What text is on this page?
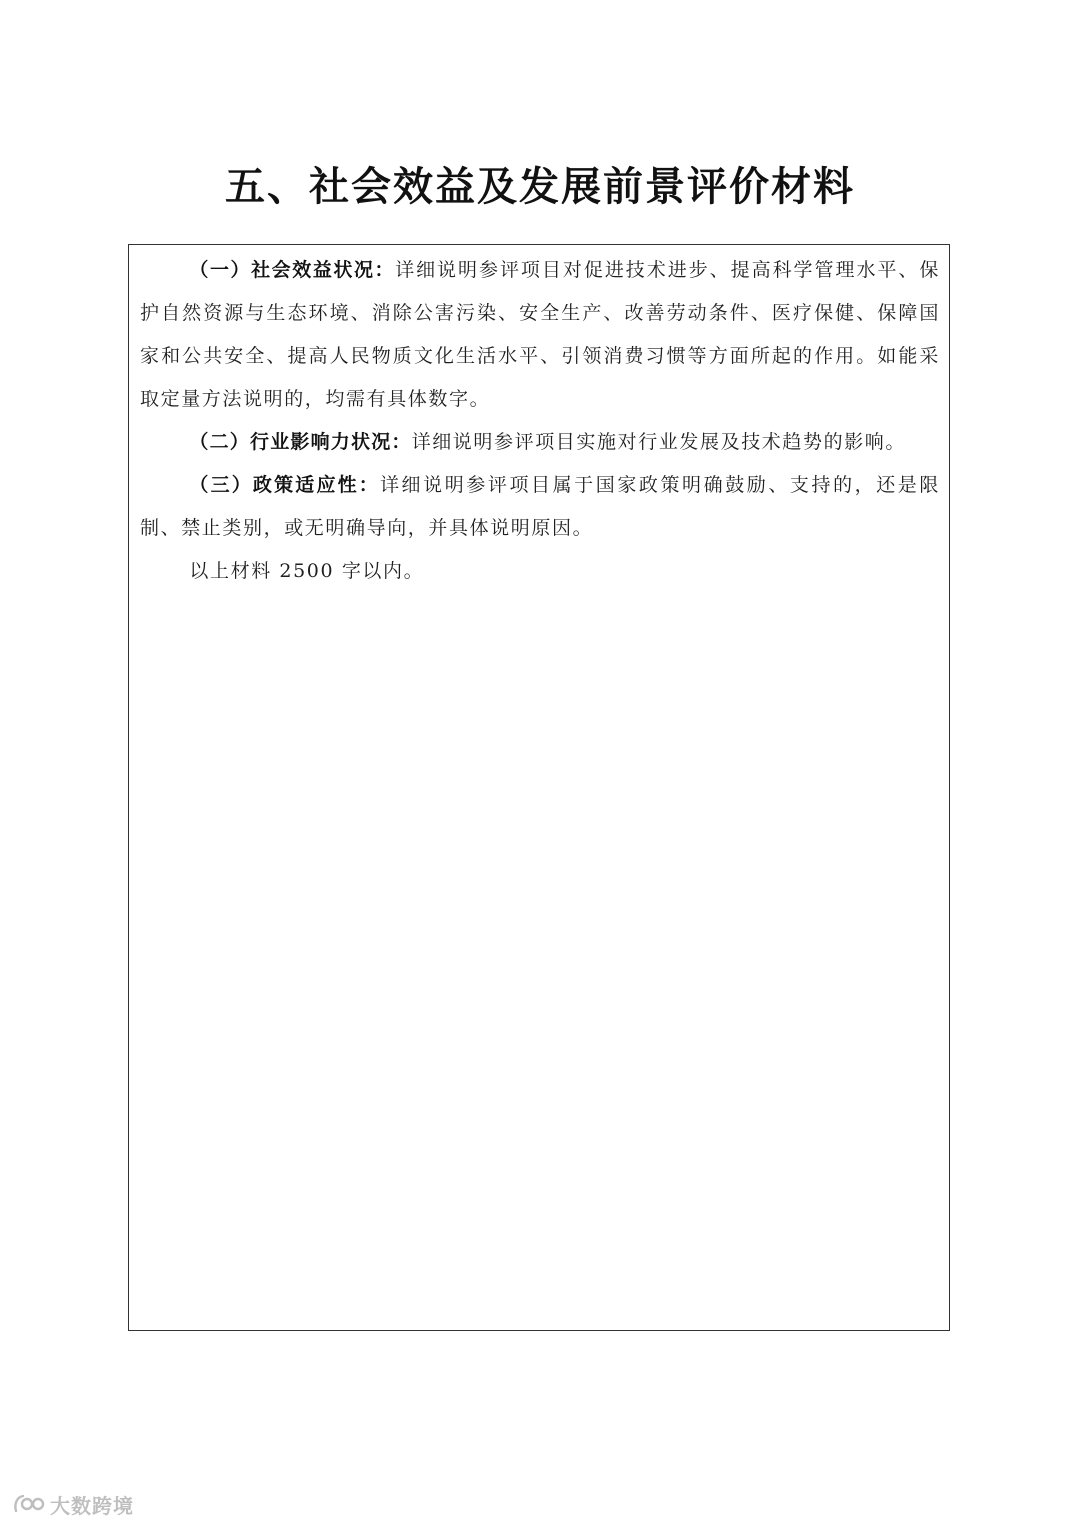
五、社会效益及发展前景评价材料

（一）社会效益状况：详细说明参评项目对促进技术进步、提高科学管理水平、保护自然资源与生态环境、消除公害污染、安全生产、改善劳动条件、医疗保健、保障国家和公共安全、提高人民物质文化生活水平、引领消费习惯等方面所起的作用。如能采取定量方法说明的，均需有具体数字。

（二）行业影响力状况：详细说明参评项目实施对行业发展及技术趋势的影响。

（三）政策适应性：详细说明参评项目属于国家政策明确鼓励、支持的，还是限制、禁止类别，或无明确导向，并具体说明原因。

以上材料 2500 字以内。

大数跨境
